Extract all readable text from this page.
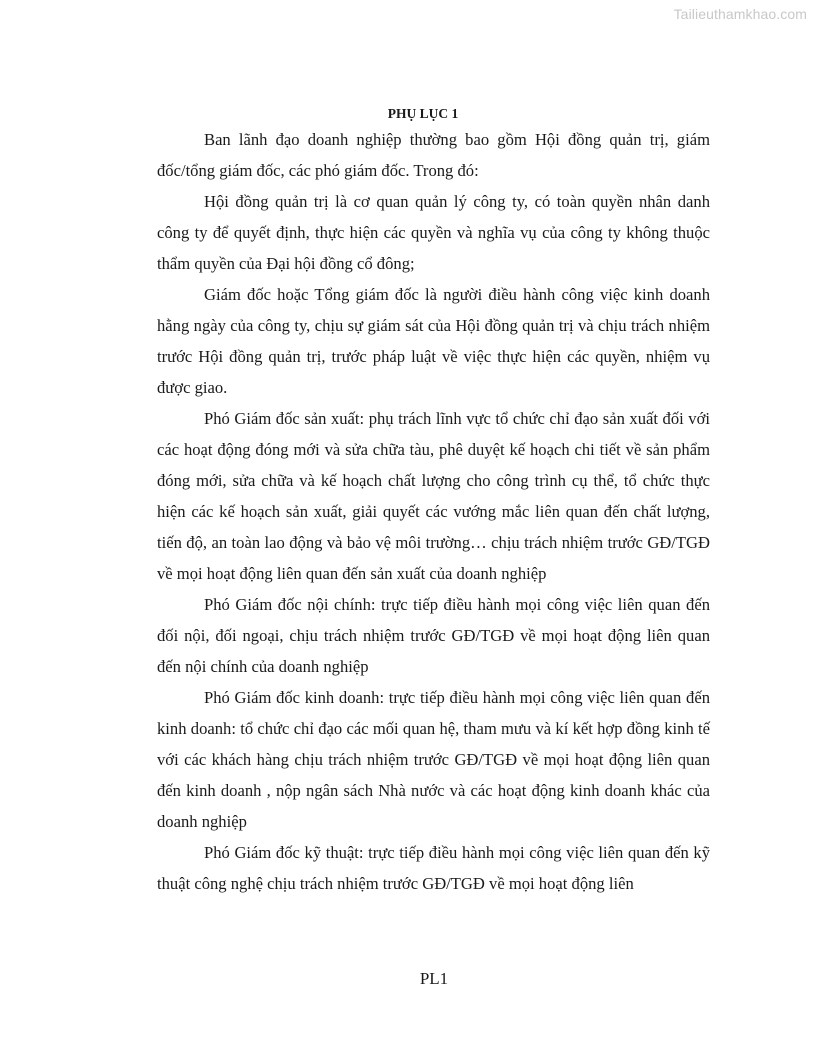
Tailieuthamkhao.com
PHỤ LỤC 1

Ban lãnh đạo doanh nghiệp thường bao gồm Hội đồng quản trị, giám đốc/tổng giám đốc, các phó giám đốc. Trong đó:

Hội đồng quản trị là cơ quan quản lý công ty, có toàn quyền nhân danh công ty để quyết định, thực hiện các quyền và nghĩa vụ của công ty không thuộc thẩm quyền của Đại hội đồng cổ đông;

Giám đốc hoặc Tổng giám đốc là người điều hành công việc kinh doanh hằng ngày của công ty, chịu sự giám sát của Hội đồng quản trị và chịu trách nhiệm trước Hội đồng quản trị, trước pháp luật về việc thực hiện các quyền, nhiệm vụ được giao.

Phó Giám đốc sản xuất: phụ trách lĩnh vực tổ chức chỉ đạo sản xuất đối với các hoạt động đóng mới và sửa chữa tàu, phê duyệt kế hoạch chi tiết về sản phẩm đóng mới, sửa chữa và kế hoạch chất lượng cho công trình cụ thể, tổ chức thực hiện các kế hoạch sản xuất, giải quyết các vướng mắc liên quan đến chất lượng, tiến độ, an toàn lao động và bảo vệ môi trường… chịu trách nhiệm trước GĐ/TGĐ về mọi hoạt động liên quan đến sản xuất của doanh nghiệp

Phó Giám đốc nội chính: trực tiếp điều hành mọi công việc liên quan đến đối nội, đối ngoại, chịu trách nhiệm trước GĐ/TGĐ về mọi hoạt động liên quan đến nội chính của doanh nghiệp

Phó Giám đốc kinh doanh: trực tiếp điều hành mọi công việc liên quan đến kinh doanh: tổ chức chỉ đạo các mối quan hệ, tham mưu và kí kết hợp đồng kinh tế với các khách hàng chịu trách nhiệm trước GĐ/TGĐ về mọi hoạt động liên quan đến kinh doanh , nộp ngân sách Nhà nước và các hoạt động kinh doanh khác của doanh nghiệp

Phó Giám đốc kỹ thuật: trực tiếp điều hành mọi công việc liên quan đến kỹ thuật công nghệ chịu trách nhiệm trước GĐ/TGĐ về mọi hoạt động liên

PL1
